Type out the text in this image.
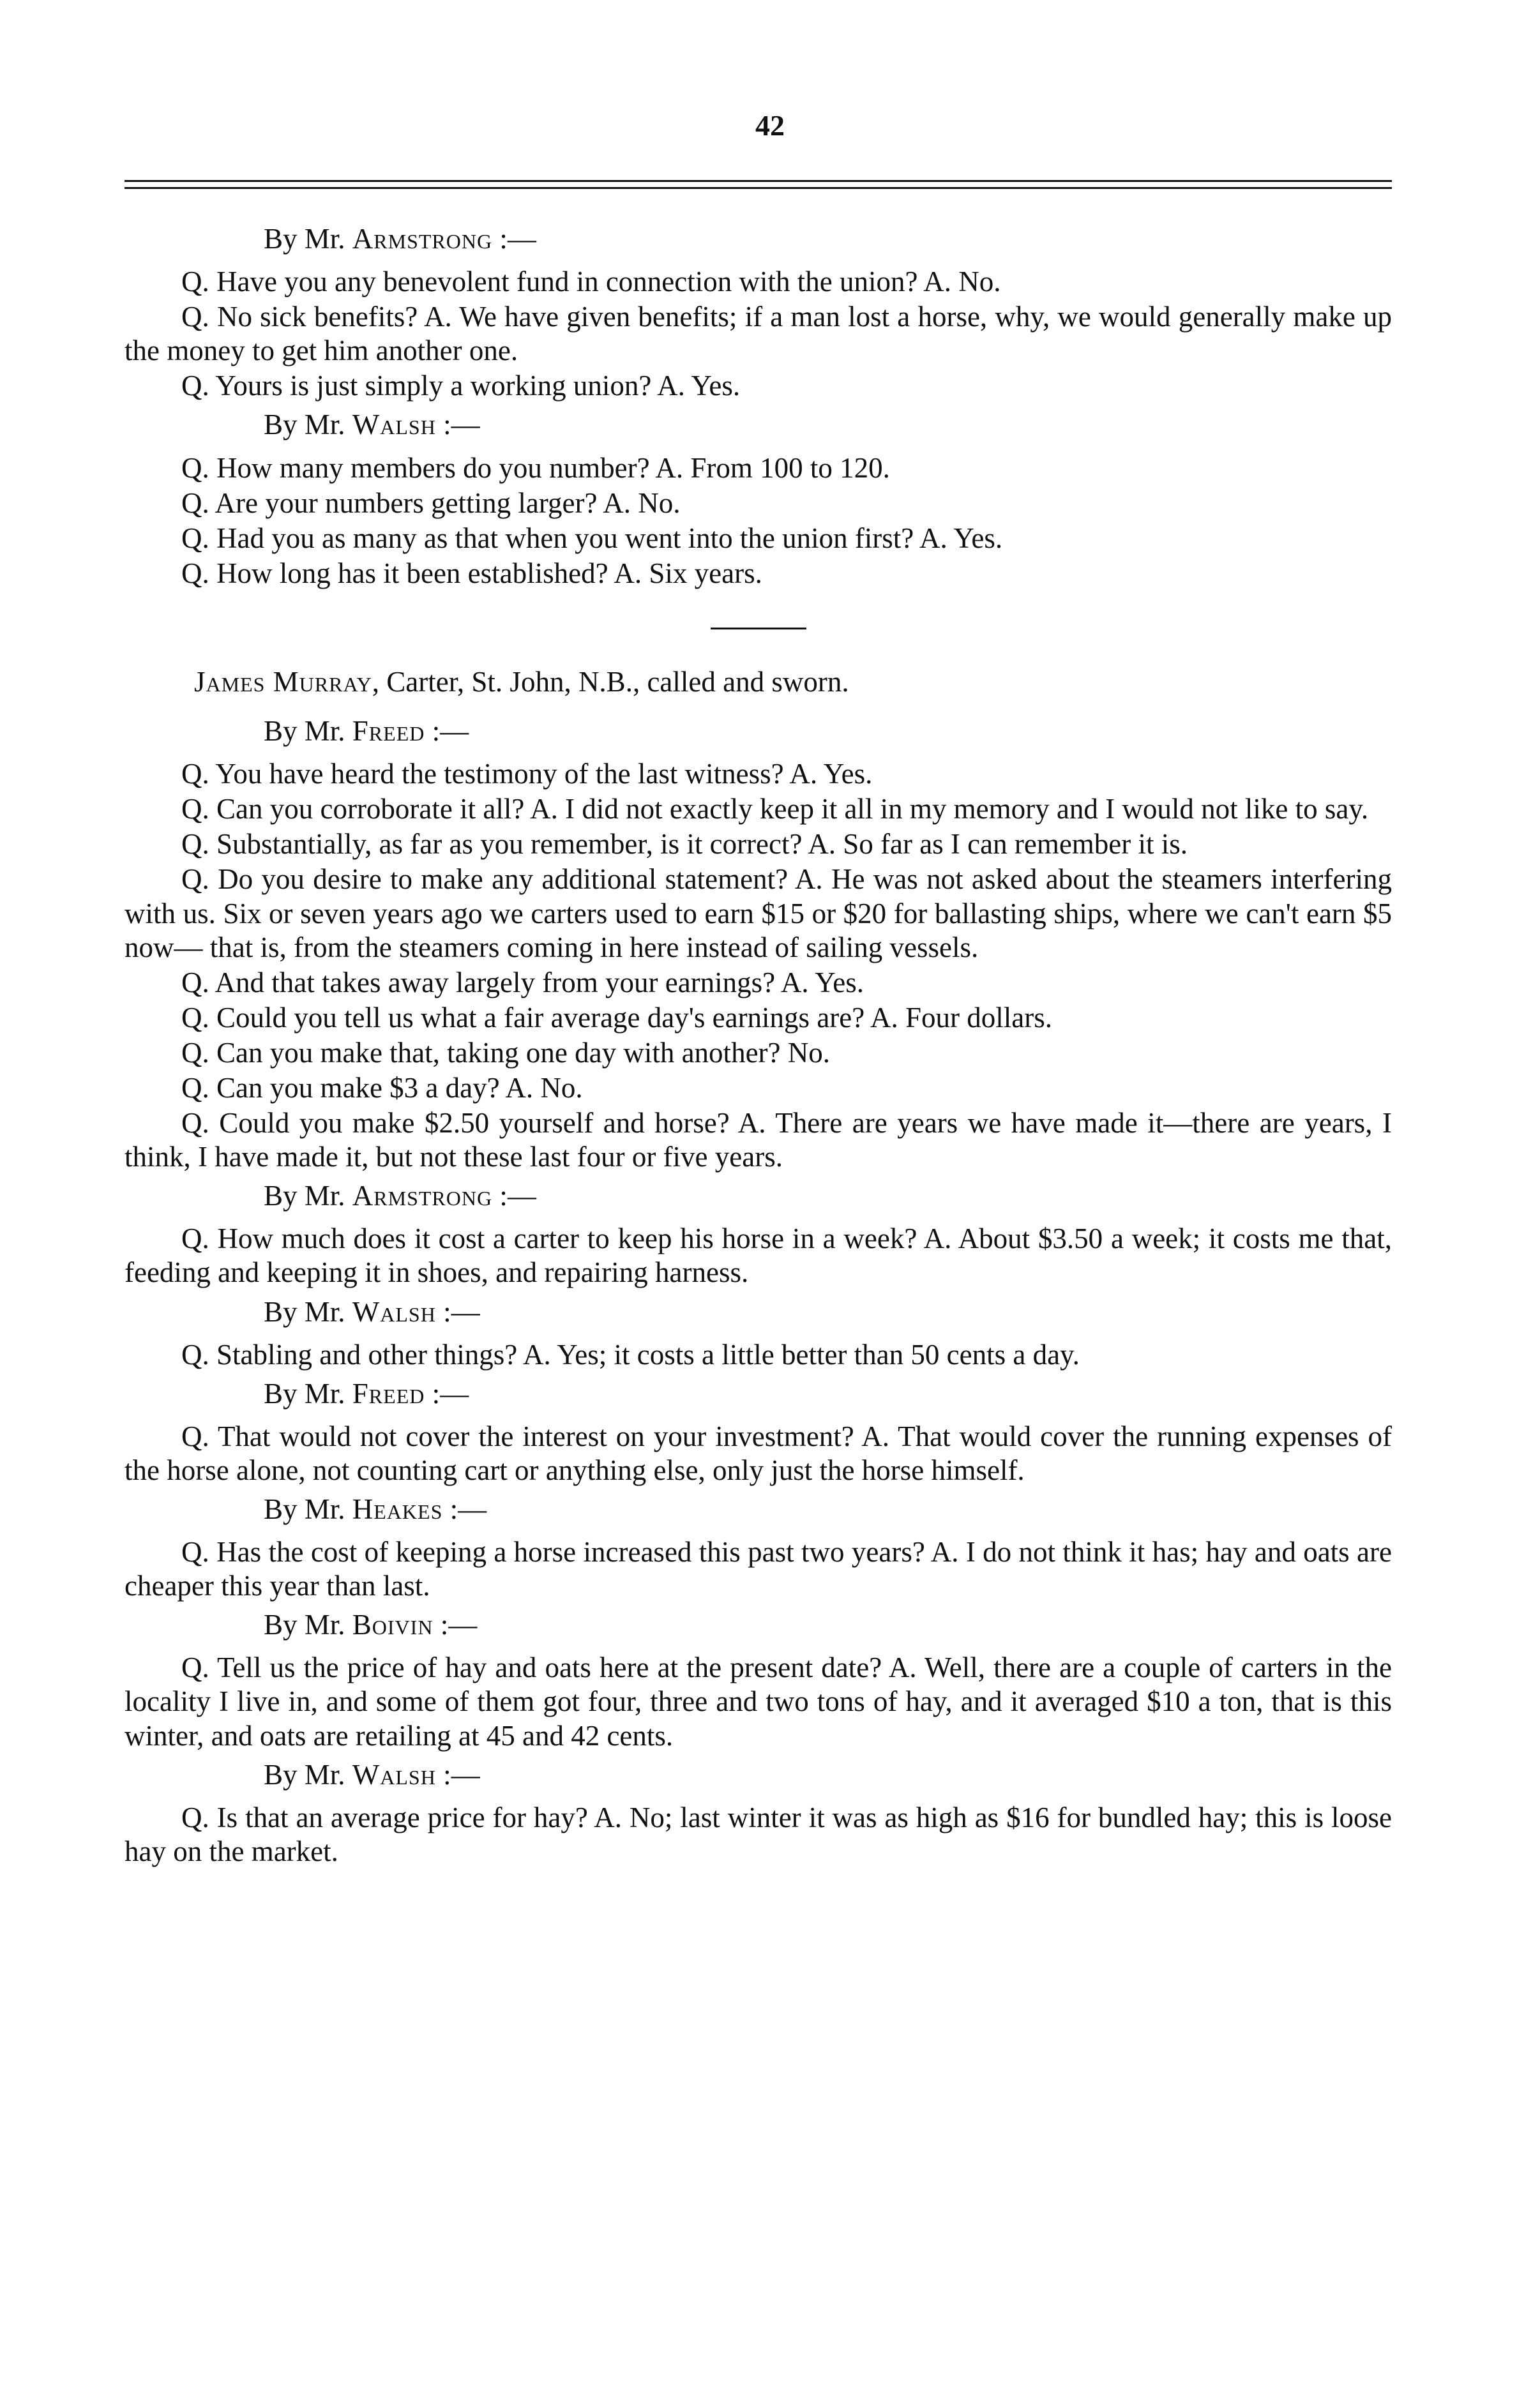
42
By Mr. Armstrong :—

Q. Have you any benevolent fund in connection with the union? A. No.

Q. No sick benefits? A. We have given benefits; if a man lost a horse, why, we would generally make up the money to get him another one.

Q. Yours is just simply a working union? A. Yes.

By Mr. Walsh :—

Q. How many members do you number? A. From 100 to 120.

Q. Are your numbers getting larger? A. No.

Q. Had you as many as that when you went into the union first? A. Yes.

Q. How long has it been established? A. Six years.

James Murray, Carter, St. John, N.B., called and sworn.

By Mr. Freed :—

Q. You have heard the testimony of the last witness? A. Yes.

Q. Can you corroborate it all? A. I did not exactly keep it all in my memory and I would not like to say.

Q. Substantially, as far as you remember, is it correct? A. So far as I can remember it is.

Q. Do you desire to make any additional statement? A. He was not asked about the steamers interfering with us. Six or seven years ago we carters used to earn $15 or $20 for ballasting ships, where we can't earn $5 now— that is, from the steamers coming in here instead of sailing vessels.

Q. And that takes away largely from your earnings? A. Yes.

Q. Could you tell us what a fair average day's earnings are? A. Four dollars.

Q. Can you make that, taking one day with another? No.

Q. Can you make $3 a day? A. No.

Q. Could you make $2.50 yourself and horse? A. There are years we have made it—there are years, I think, I have made it, but not these last four or five years.

By Mr. Armstrong :—

Q. How much does it cost a carter to keep his horse in a week? A. About $3.50 a week; it costs me that, feeding and keeping it in shoes, and repairing harness.

By Mr. Walsh :—

Q. Stabling and other things? A. Yes; it costs a little better than 50 cents a day.

By Mr. Freed :—

Q. That would not cover the interest on your investment? A. That would cover the running expenses of the horse alone, not counting cart or anything else, only just the horse himself.

By Mr. Heakes :—

Q. Has the cost of keeping a horse increased this past two years? A. I do not think it has; hay and oats are cheaper this year than last.

By Mr. Boivin :—

Q. Tell us the price of hay and oats here at the present date? A. Well, there are a couple of carters in the locality I live in, and some of them got four, three and two tons of hay, and it averaged $10 a ton, that is this winter, and oats are retailing at 45 and 42 cents.

By Mr. Walsh :—

Q. Is that an average price for hay? A. No; last winter it was as high as $16 for bundled hay; this is loose hay on the market.
